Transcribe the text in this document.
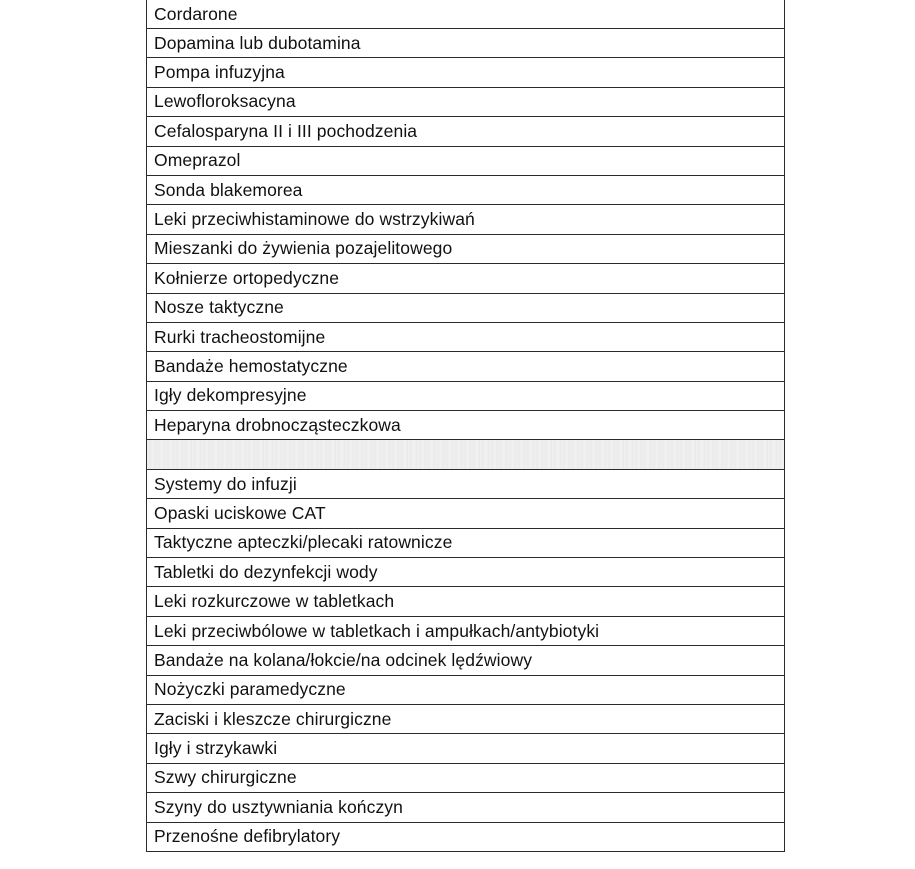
Cordarone
Dopamina lub dubotamina
Pompa infuzyjna
Lewofloroksacyna
Cefalosparyna II i III pochodzenia
Omeprazol
Sonda blakemorea
Leki przeciwhistaminowe do wstrzykiwań
Mieszanki do żywienia pozajelitowego
Kołnierze ortopedyczne
Nosze taktyczne
Rurki tracheostomijne
Bandaże hemostatyczne
Igły dekompresyjne
Heparyna drobnocząsteczkowa
Systemy do infuzji
Opaski uciskowe CAT
Taktyczne apteczki/plecaki ratownicze
Tabletki do dezynfekcji wody
Leki rozkurczowe w tabletkach
Leki przeciwbólowe w tabletkach i ampułkach/antybiotyki
Bandaże na kolana/łokcie/na odcinek lędźwiowy
Nożyczki paramedyczne
Zaciski i kleszcze chirurgiczne
Igły i strzykawki
Szwy chirurgiczne
Szyny do usztywniania kończyn
Przenośne defibrylatory
